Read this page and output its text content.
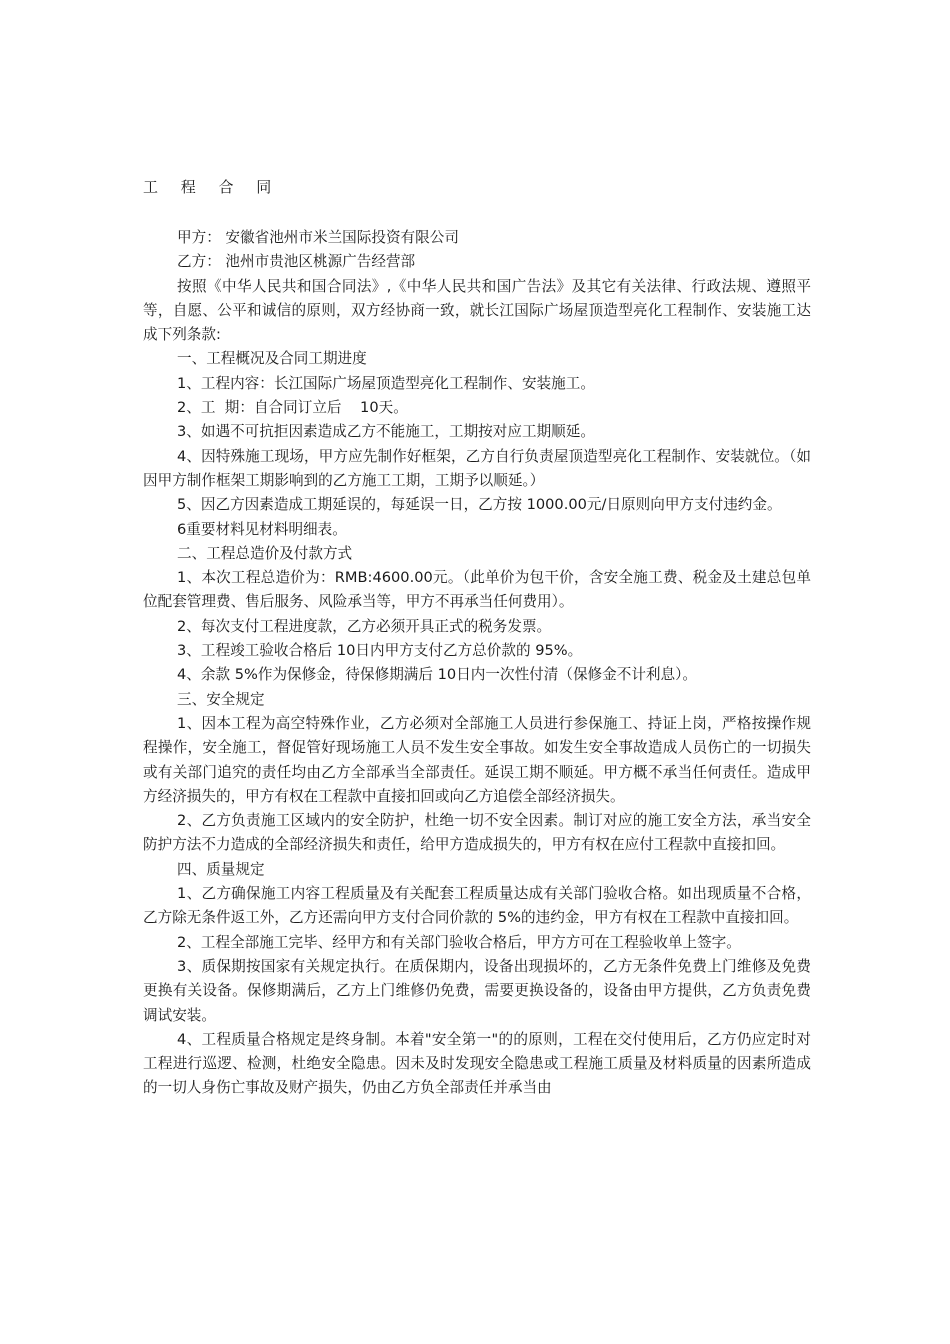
工 程 合 同

甲方： 安徽省池州市米兰国际投资有限公司

乙方： 池州市贵池区桃源广告经营部

按照《中华人民共和国合同法》,《中华人民共和国广告法》及其它有关法律、行政法规、遵照平等，自愿、公平和诚信的原则，双方经协商一致，就长江国际广场屋顶造型亮化工程制作、安装施工达成下列条款:

一、工程概况及合同工期进度

1、工程内容：长江国际广场屋顶造型亮化工程制作、安装施工。

2、工  期：自合同订立后    10天。

3、如遇不可抗拒因素造成乙方不能施工，工期按对应工期顺延。

4、因特殊施工现场，甲方应先制作好框架，乙方自行负责屋顶造型亮化工程制作、安装就位。（如因甲方制作框架工期影响到的乙方施工工期，工期予以顺延。）

5、因乙方因素造成工期延误的，每延误一日，乙方按 1000.00元/日原则向甲方支付违约金。

6重要材料见材料明细表。

二、工程总造价及付款方式

1、本次工程总造价为：RMB:4600.00元。（此单价为包干价，含安全施工费、税金及土建总包单位配套管理费、售后服务、风险承当等，甲方不再承当任何费用）。

2、每次支付工程进度款，乙方必须开具正式的税务发票。

3、工程竣工验收合格后 10日内甲方支付乙方总价款的 95%。

4、余款 5%作为保修金，待保修期满后 10日内一次性付清（保修金不计利息）。

三、安全规定

1、因本工程为高空特殊作业，乙方必须对全部施工人员进行参保施工、持证上岗，严格按操作规程操作，安全施工，督促管好现场施工人员不发生安全事故。如发生安全事故造成人员伤亡的一切损失或有关部门追究的责任均由乙方全部承当全部责任。延误工期不顺延。甲方概不承当任何责任。造成甲方经济损失的，甲方有权在工程款中直接扣回或向乙方追偿全部经济损失。

2、乙方负责施工区域内的安全防护，杜绝一切不安全因素。制订对应的施工安全方法，承当安全防护方法不力造成的全部经济损失和责任，给甲方造成损失的，甲方有权在应付工程款中直接扣回。

四、质量规定

1、乙方确保施工内容工程质量及有关配套工程质量达成有关部门验收合格。如出现质量不合格，乙方除无条件返工外，乙方还需向甲方支付合同价款的 5%的违约金，甲方有权在工程款中直接扣回。

2、工程全部施工完毕、经甲方和有关部门验收合格后，甲方方可在工程验收单上签字。

3、质保期按国家有关规定执行。在质保期内，设备出现损坏的，乙方无条件免费上门维修及免费更换有关设备。保修期满后，乙方上门维修仍免费，需要更换设备的，设备由甲方提供，乙方负责免费调试安装。

4、工程质量合格规定是终身制。本着"安全第一"的的原则，工程在交付使用后，乙方仍应定时对工程进行巡逻、检测，杜绝安全隐患。因未及时发现安全隐患或工程施工质量及材料质量的因素所造成的一切人身伤亡事故及财产损失，仍由乙方负全部责任并承当由
